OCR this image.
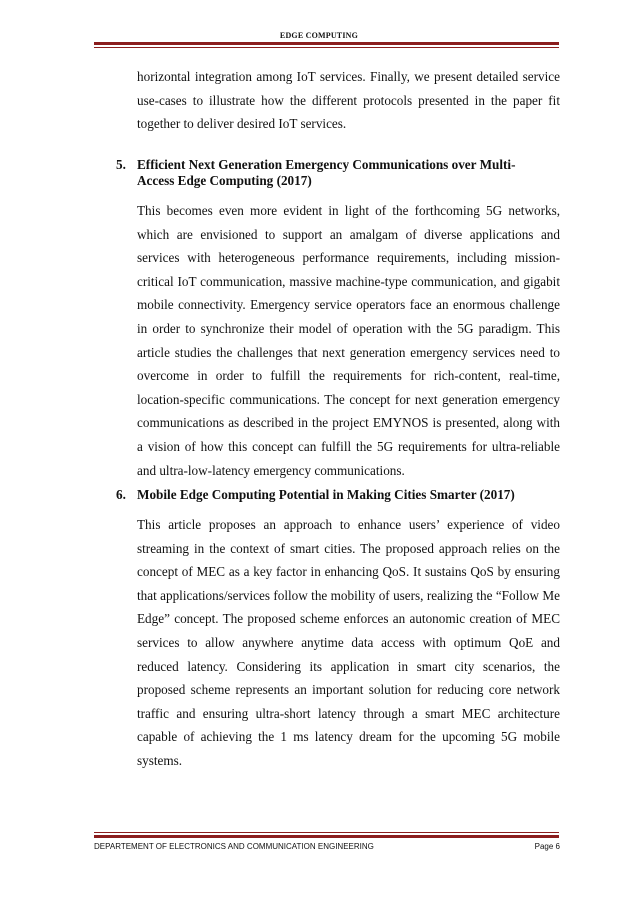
EDGE COMPUTING

horizontal integration among IoT services. Finally, we present detailed service use-cases to illustrate how the different protocols presented in the paper fit together to deliver desired IoT services.

5. Efficient Next Generation Emergency Communications over Multi-
Access Edge Computing (2017)

This becomes even more evident in light of the forthcoming 5G networks, which are envisioned to support an amalgam of diverse applications and services with heterogeneous performance requirements, including mission-critical IoT communication, massive machine-type communication, and gigabit mobile connectivity. Emergency service operators face an enormous challenge in order to synchronize their model of operation with the 5G paradigm. This article studies the challenges that next generation emergency services need to overcome in order to fulfill the requirements for rich-content, real-time, location-specific communications. The concept for next generation emergency communications as described in the project EMYNOS is presented, along with a vision of how this concept can fulfill the 5G requirements for ultra-reliable and ultra-low-latency emergency communications.

6. Mobile Edge Computing Potential in Making Cities Smarter (2017)

This article proposes an approach to enhance users’ experience of video streaming in the context of smart cities. The proposed approach relies on the concept of MEC as a key factor in enhancing QoS. It sustains QoS by ensuring that applications/services follow the mobility of users, realizing the “Follow Me Edge” concept. The proposed scheme enforces an autonomic creation of MEC services to allow anywhere anytime data access with optimum QoE and reduced latency. Considering its application in smart city scenarios, the proposed scheme represents an important solution for reducing core network traffic and ensuring ultra-short latency through a smart MEC architecture capable of achieving the 1 ms latency dream for the upcoming 5G mobile systems.

DEPARTEMENT OF ELECTRONICS AND COMMUNICATION ENGINEERING	Page 6
